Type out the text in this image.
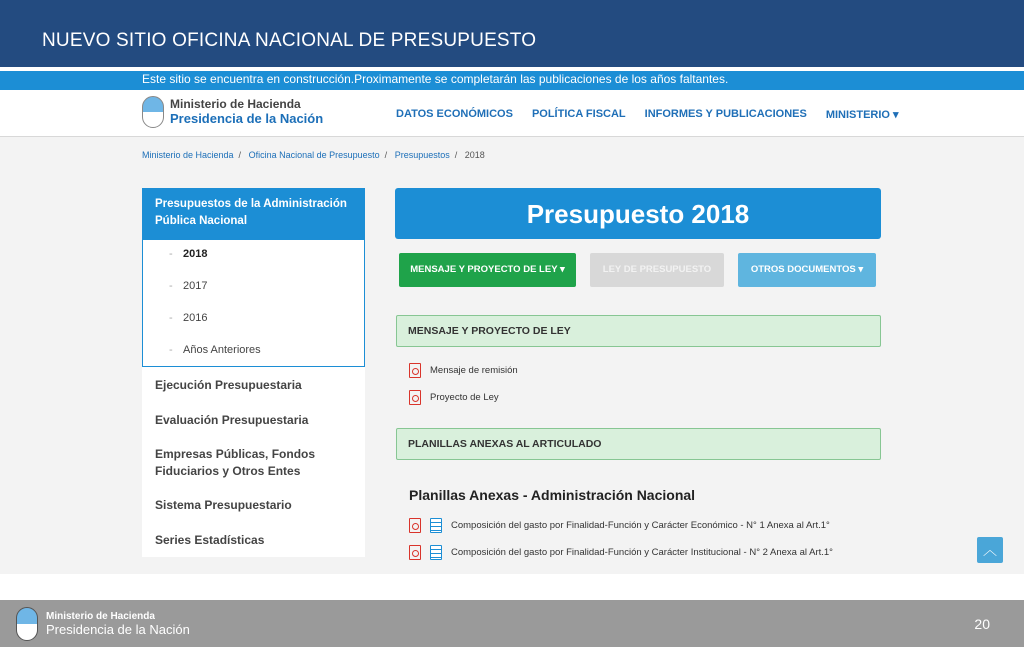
NUEVO SITIO OFICINA NACIONAL DE PRESUPUESTO
Este sitio se encuentra en construcción.Proximamente se completarán las publicaciones de los años faltantes.
Ministerio de Hacienda
Presidencia de la Nación	DATOS ECONÓMICOS POLÍTICA FISCAL INFORMES Y PUBLICACIONES MINISTERIO ▾
Ministerio de Hacienda / Oficina Nacional de Presupuesto / Presupuestos / 2018
Presupuestos de la Administración Pública Nacional
- 2018
- 2017
- 2016
- Años Anteriores
Ejecución Presupuestaria
Evaluación Presupuestaria
Empresas Públicas, Fondos Fiduciarios y Otros Entes
Sistema Presupuestario
Series Estadísticas
Presupuesto 2018
MENSAJE Y PROYECTO DE LEY ▾	LEY DE PRESUPUESTO	OTROS DOCUMENTOS ▾
MENSAJE Y PROYECTO DE LEY
Mensaje de remisión
Proyecto de Ley
PLANILLAS ANEXAS AL ARTICULADO
Planillas Anexas - Administración Nacional
Composición del gasto por Finalidad-Función y Carácter Económico - N° 1 Anexa al Art.1°
Composición del gasto por Finalidad-Función y Carácter Institucional - N° 2 Anexa al Art.1°	︿
Ministerio de Hacienda
Presidencia de la Nación	20
